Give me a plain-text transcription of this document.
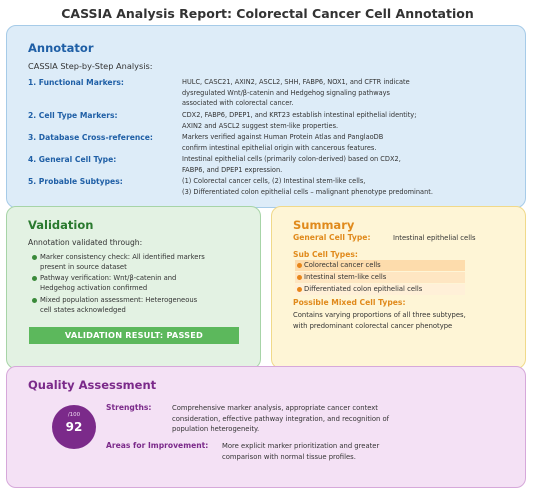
CASSIA Analysis Report: Colorectal Cancer Cell Annotation
Annotator
CASSIA Step-by-Step Analysis:
1. Functional Markers:	HULC, CASC21, AXIN2, ASCL2, SHH, FABP6, NOX1, and CFTR indicate
dysregulated Wnt/β-catenin and Hedgehog signaling pathways
associated with colorectal cancer.
2. Cell Type Markers:	CDX2, FABP6, DPEP1, and KRT23 establish intestinal epithelial identity;
AXIN2 and ASCL2 suggest stem-like properties.
3. Database Cross-reference:	Markers verified against Human Protein Atlas and PanglaoDB
confirm intestinal epithelial origin with cancerous features.
4. General Cell Type:	Intestinal epithelial cells (primarily colon-derived) based on CDX2,
FABP6, and DPEP1 expression.
5. Probable Subtypes:	(1) Colorectal cancer cells, (2) Intestinal stem-like cells,
(3) Differentiated colon epithelial cells – malignant phenotype predominant.
Validation
Annotation validated through:
Marker consistency check: All identified markers
present in source dataset
Pathway verification: Wnt/β-catenin and
Hedgehog activation confirmed
Mixed population assessment: Heterogeneous
cell states acknowledged
VALIDATION RESULT: PASSED
Summary
General Cell Type:	Intestinal epithelial cells
Sub Cell Types:
Colorectal cancer cells
Intestinal stem-like cells
Differentiated colon epithelial cells
Possible Mixed Cell Types:
Contains varying proportions of all three subtypes,
with predominant colorectal cancer phenotype
Quality Assessment
/100
92
Strengths:	Comprehensive marker analysis, appropriate cancer context
consideration, effective pathway integration, and recognition of
population heterogeneity.
Areas for Improvement: More explicit marker prioritization and greater
comparison with normal tissue profiles.
